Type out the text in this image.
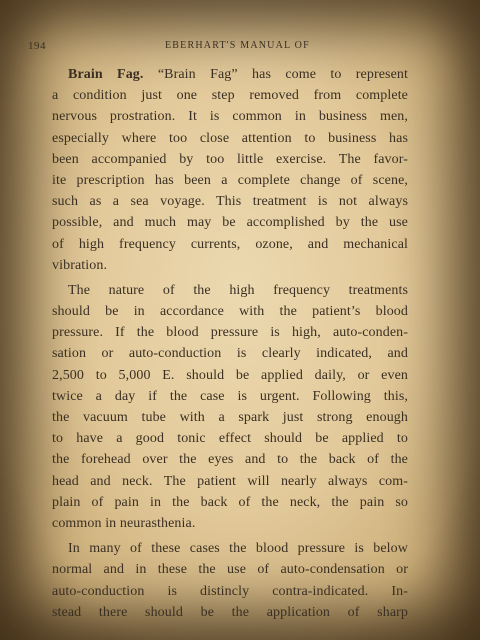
194	EBERHART'S MANUAL OF
Brain Fag. “Brain Fag” has come to represent
a condition just one step removed from complete
nervous prostration. It is common in business men,
especially where too close attention to business has
been accompanied by too little exercise. The favor-
ite prescription has been a complete change of scene,
such as a sea voyage. This treatment is not always
possible, and much may be accomplished by the use
of high frequency currents, ozone, and mechanical
vibration.
The nature of the high frequency treatments
should be in accordance with the patient’s blood
pressure. If the blood pressure is high, auto-conden-
sation or auto-conduction is clearly indicated, and
2,500 to 5,000 E. should be applied daily, or even
twice a day if the case is urgent. Following this,
the vacuum tube with a spark just strong enough
to have a good tonic effect should be applied to
the forehead over the eyes and to the back of the
head and neck. The patient will nearly always com-
plain of pain in the back of the neck, the pain so
common in neurasthenia.
In many of these cases the blood pressure is below
normal and in these the use of auto-condensation or
auto-conduction is distincly contra-indicated. In-
stead there should be the application of sharp
